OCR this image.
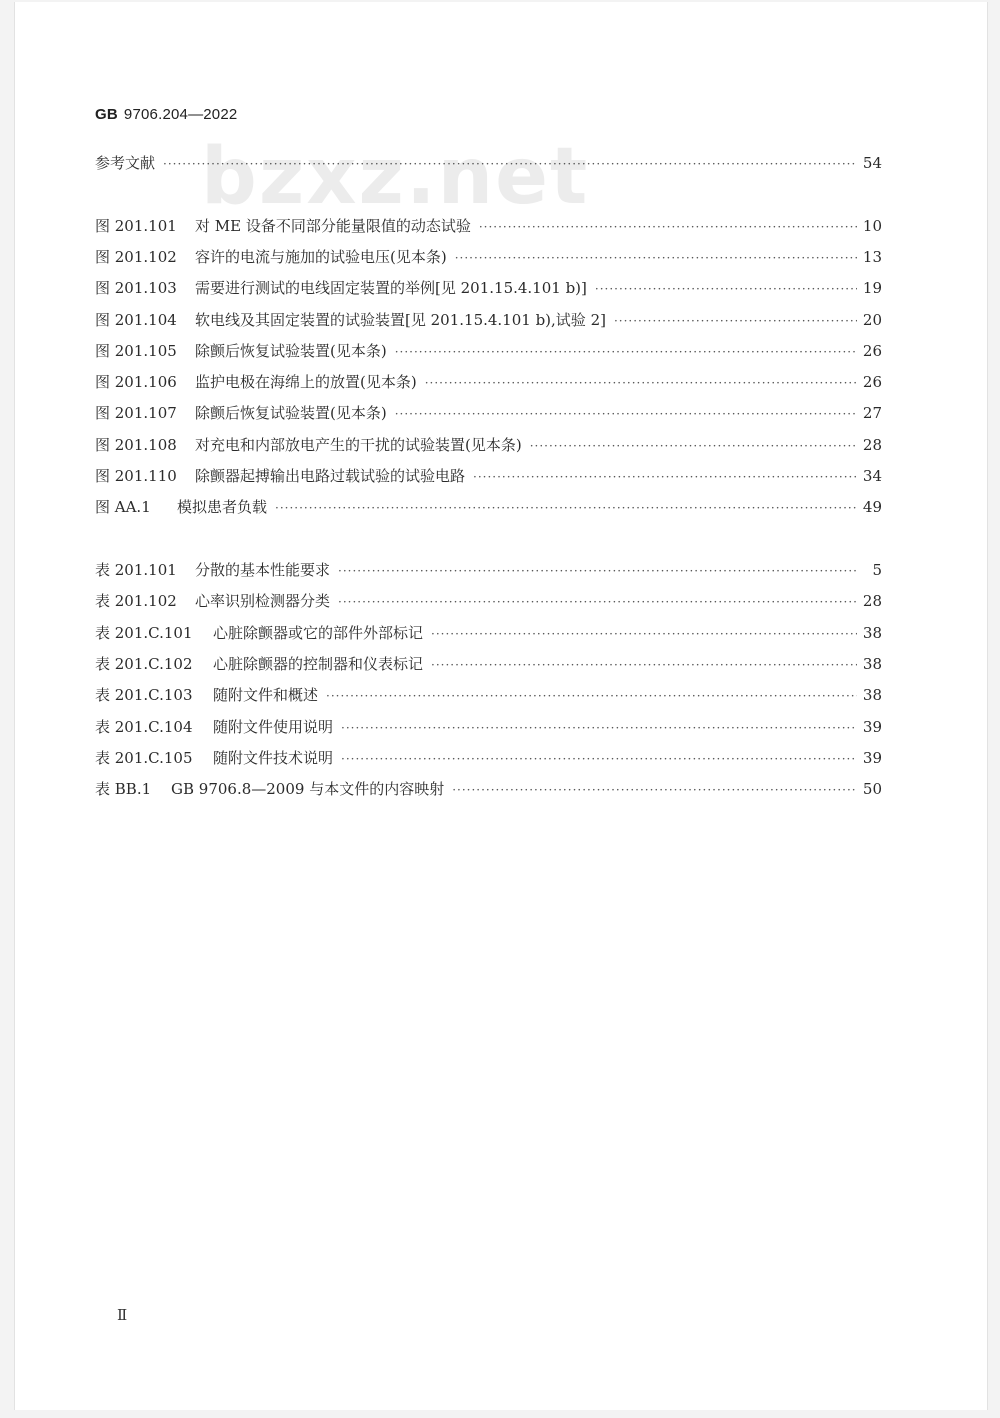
GB 9706.204—2022
bzxz.net
参考文献 ·····	54
图 201.101	对 ME 设备不同部分能量限值的动态试验 ·····	10
图 201.102	容许的电流与施加的试验电压(见本条) ·····	13
图 201.103	需要进行测试的电线固定装置的举例[见 201.15.4.101 b)] ·····	19
图 201.104	软电线及其固定装置的试验装置[见 201.15.4.101 b),试验 2] ·····	20
图 201.105	除颤后恢复试验装置(见本条) ·····	26
图 201.106	监护电极在海绵上的放置(见本条) ·····	26
图 201.107	除颤后恢复试验装置(见本条) ·····	27
图 201.108	对充电和内部放电产生的干扰的试验装置(见本条) ·····	28
图 201.110	除颤器起搏输出电路过载试验的试验电路 ·····	34
图 AA.1	模拟患者负载 ·····	49
表 201.101	分散的基本性能要求 ·····	5
表 201.102	心率识别检测器分类 ·····	28
表 201.C.101	心脏除颤器或它的部件外部标记 ·····	38
表 201.C.102	心脏除颤器的控制器和仪表标记 ·····	38
表 201.C.103	随附文件和概述 ·····	38
表 201.C.104	随附文件使用说明 ·····	39
表 201.C.105	随附文件技术说明 ·····	39
表 BB.1	GB 9706.8—2009 与本文件的内容映射 ·····	50
Ⅱ
